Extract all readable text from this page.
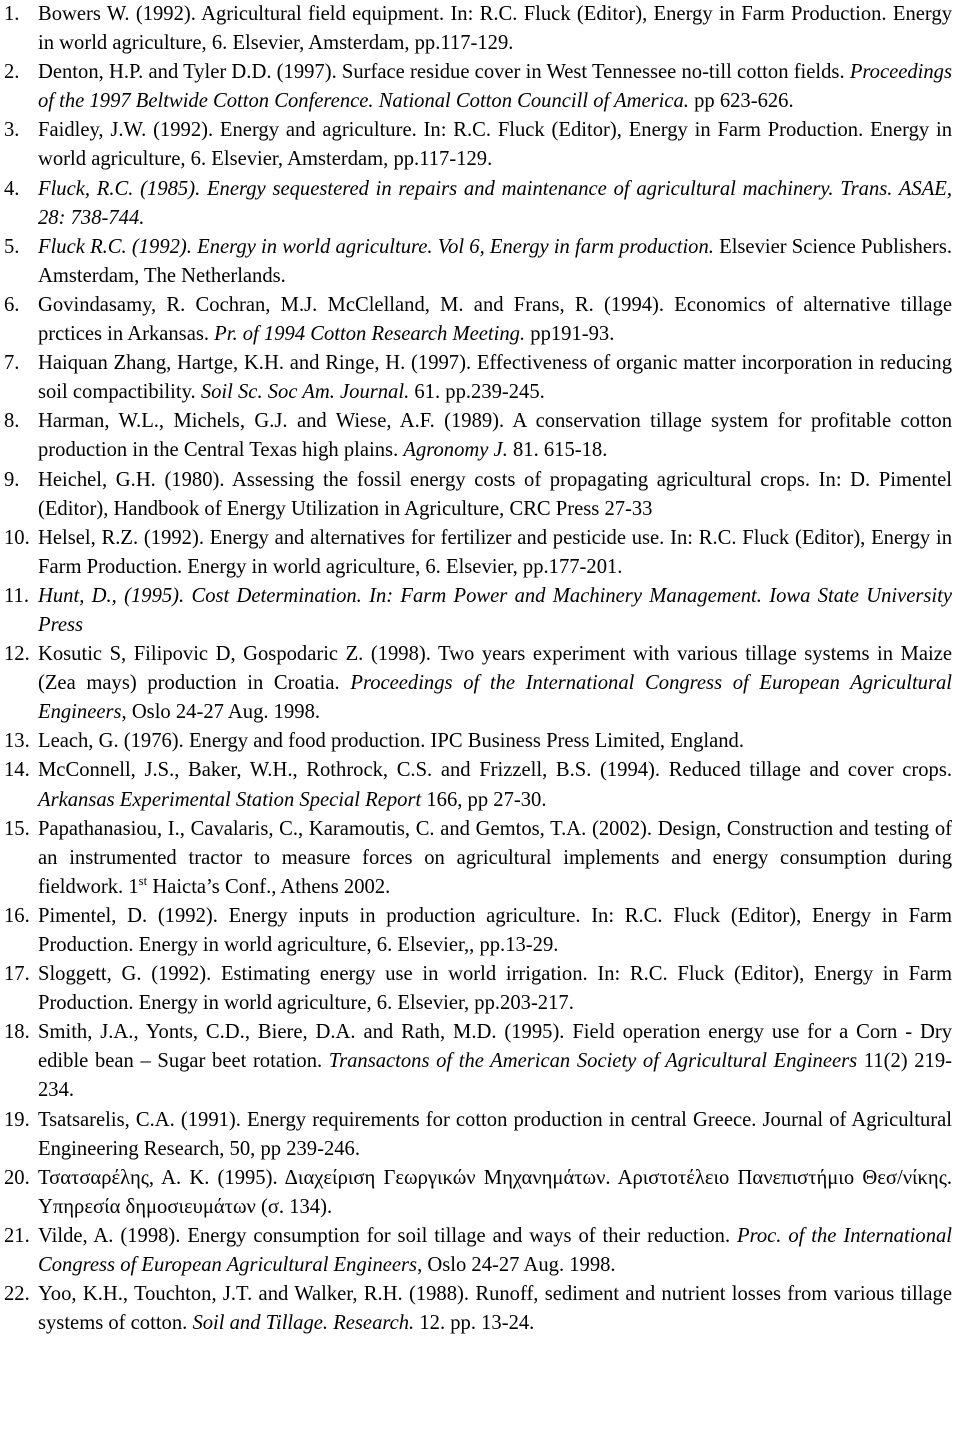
1. Bowers W. (1992). Agricultural field equipment. In: R.C. Fluck (Editor), Energy in Farm Production. Energy in world agriculture, 6. Elsevier, Amsterdam, pp.117-129.
2. Denton, H.P. and Tyler D.D. (1997). Surface residue cover in West Tennessee no-till cotton fields. Proceedings of the 1997 Beltwide Cotton Conference. National Cotton Councill of America. pp 623-626.
3. Faidley, J.W. (1992). Energy and agriculture. In: R.C. Fluck (Editor), Energy in Farm Production. Energy in world agriculture, 6. Elsevier, Amsterdam, pp.117-129.
4. Fluck, R.C. (1985). Energy sequestered in repairs and maintenance of agricultural machinery. Trans. ASAE, 28: 738-744.
5. Fluck R.C. (1992). Energy in world agriculture. Vol 6, Energy in farm production. Elsevier Science Publishers. Amsterdam, The Netherlands.
6. Govindasamy, R. Cochran, M.J. McClelland, M. and Frans, R. (1994). Economics of alternative tillage prctices in Arkansas. Pr. of 1994 Cotton Research Meeting. pp191-93.
7. Haiquan Zhang, Hartge, K.H. and Ringe, H. (1997). Effectiveness of organic matter incorporation in reducing soil compactibility. Soil Sc. Soc Am. Journal. 61. pp.239-245.
8. Harman, W.L., Michels, G.J. and Wiese, A.F. (1989). A conservation tillage system for profitable cotton production in the Central Texas high plains. Agronomy J. 81. 615-18.
9. Heichel, G.H. (1980). Assessing the fossil energy costs of propagating agricultural crops. In: D. Pimentel (Editor), Handbook of Energy Utilization in Agriculture, CRC Press 27-33
10. Helsel, R.Z. (1992). Energy and alternatives for fertilizer and pesticide use. In: R.C. Fluck (Editor), Energy in Farm Production. Energy in world agriculture, 6. Elsevier, pp.177-201.
11. Hunt, D., (1995). Cost Determination. In: Farm Power and Machinery Management. Iowa State University Press
12. Kosutic S, Filipovic D, Gospodaric Z. (1998). Two years experiment with various tillage systems in Maize (Zea mays) production in Croatia. Proceedings of the International Congress of European Agricultural Engineers, Oslo 24-27 Aug. 1998.
13. Leach, G. (1976). Energy and food production. IPC Business Press Limited, England.
14. McConnell, J.S., Baker, W.H., Rothrock, C.S. and Frizzell, B.S. (1994). Reduced tillage and cover crops. Arkansas Experimental Station Special Report 166, pp 27-30.
15. Papathanasiou, I., Cavalaris, C., Karamoutis, C. and Gemtos, T.A. (2002). Design, Construction and testing of an instrumented tractor to measure forces on agricultural implements and energy consumption during fieldwork. 1st Haicta’s Conf., Athens 2002.
16. Pimentel, D. (1992). Energy inputs in production agriculture. In: R.C. Fluck (Editor), Energy in Farm Production. Energy in world agriculture, 6. Elsevier,, pp.13-29.
17. Sloggett, G. (1992). Estimating energy use in world irrigation. In: R.C. Fluck (Editor), Energy in Farm Production. Energy in world agriculture, 6. Elsevier, pp.203-217.
18. Smith, J.A., Yonts, C.D., Biere, D.A. and Rath, M.D. (1995). Field operation energy use for a Corn - Dry edible bean – Sugar beet rotation. Transactons of the American Society of Agricultural Engineers 11(2) 219-234.
19. Tsatsarelis, C.A. (1991). Energy requirements for cotton production in central Greece. Journal of Agricultural Engineering Research, 50, pp 239-246.
20. Τσατσαρέλης, Α. Κ. (1995). Διαχείριση Γεωργικών Μηχανημάτων. Αριστοτέλειο Πανεπιστήμιο Θεσ/νίκης. Υπηρεσία δημοσιευμάτων (σ. 134).
21. Vilde, A. (1998). Energy consumption for soil tillage and ways of their reduction. Proc. of the International Congress of European Agricultural Engineers, Oslo 24-27 Aug. 1998.
22. Yoo, K.H., Touchton, J.T. and Walker, R.H. (1988). Runoff, sediment and nutrient losses from various tillage systems of cotton. Soil and Tillage. Research. 12. pp. 13-24.
